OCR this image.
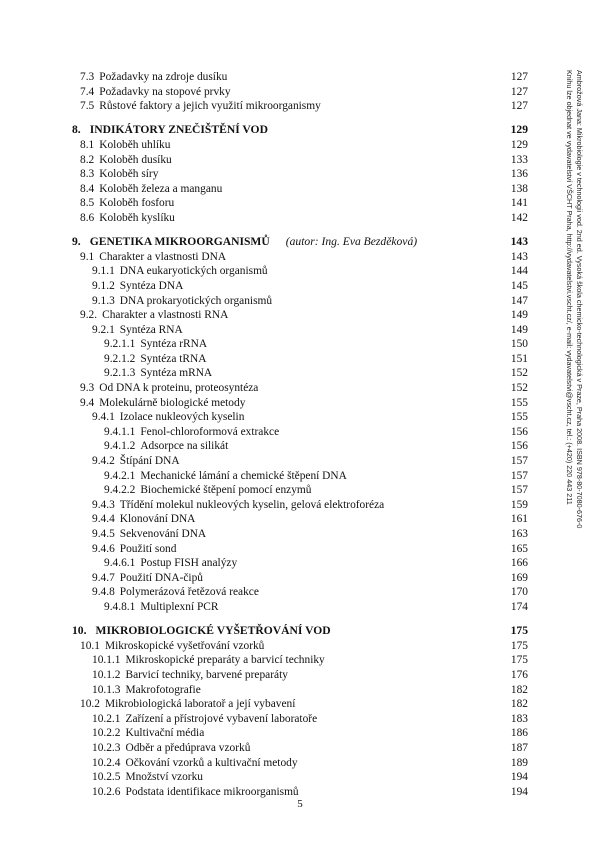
7.3 Požadavky na zdroje dusíku	127
7.4 Požadavky na stopové prvky	127
7.5 Růstové faktory a jejich využití mikroorganismy	127
8. INDIKÁTORY ZNEČIŠTĚNÍ VOD	129
8.1 Koloběh uhlíku	129
8.2 Koloběh dusíku	133
8.3 Koloběh síry	136
8.4 Koloběh železa a manganu	138
8.5 Koloběh fosforu	141
8.6 Koloběh kyslíku	142
9. GENETIKA MIKROORGANISMŮ (autor: Ing. Eva Bezděková)	143
9.1 Charakter a vlastnosti DNA	143
9.1.1 DNA eukaryotických organismů	144
9.1.2 Syntéza DNA	145
9.1.3 DNA prokaryotických organismů	147
9.2. Charakter a vlastnosti RNA	149
9.2.1 Syntéza RNA	149
9.2.1.1 Syntéza rRNA	150
9.2.1.2 Syntéza tRNA	151
9.2.1.3 Syntéza mRNA	152
9.3 Od DNA k proteinu, proteosyntéza	152
9.4 Molekulárně biologické metody	155
9.4.1 Izolace nukleových kyselin	155
9.4.1.1 Fenol-chloroformová extrakce	156
9.4.1.2 Adsorpce na silikát	156
9.4.2 Štípání DNA	157
9.4.2.1 Mechanické lámání a chemické štěpení DNA	157
9.4.2.2 Biochemické štěpení pomocí enzymů	157
9.4.3 Třídění molekul nukleových kyselin, gelová elektroforéza	159
9.4.4 Klonování DNA	161
9.4.5 Sekvenování DNA	163
9.4.6 Použití sond	165
9.4.6.1 Postup FISH analýzy	166
9.4.7 Použití DNA-čipů	169
9.4.8 Polymerázová řetězová reakce	170
9.4.8.1 Multiplexní PCR	174
10. MIKROBIOLOGICKÉ VYŠETŘOVÁNÍ VOD	175
10.1 Mikroskopické vyšetřování vzorků	175
10.1.1 Mikroskopické preparáty a barvicí techniky	175
10.1.2 Barvicí techniky, barvené preparáty	176
10.1.3 Makrofotografie	182
10.2 Mikrobiologická laboratoř a její vybavení	182
10.2.1 Zařízení a přístrojové vybavení laboratoře	183
10.2.2 Kultivační média	186
10.2.3 Odběr a předúprava vzorků	187
10.2.4 Očkování vzorků a kultivační metody	189
10.2.5 Množství vzorku	194
10.2.6 Podstata identifikace mikroorganismů	194
Ambrožová Jana: Mikrobiologie v technologii vod. 2nd ed. Vysoká škola chemicko-technologická v Praze, Praha 2008. ISBN 978-80-7080-676-0
Knihu lze objednat ve vydavatelství VŠCHT Praha, http://vydavatelstvi.vscht.cz/, e-mail: vydavatelstvi@vscht.cz, tel.: (+420) 220 443 211
5
